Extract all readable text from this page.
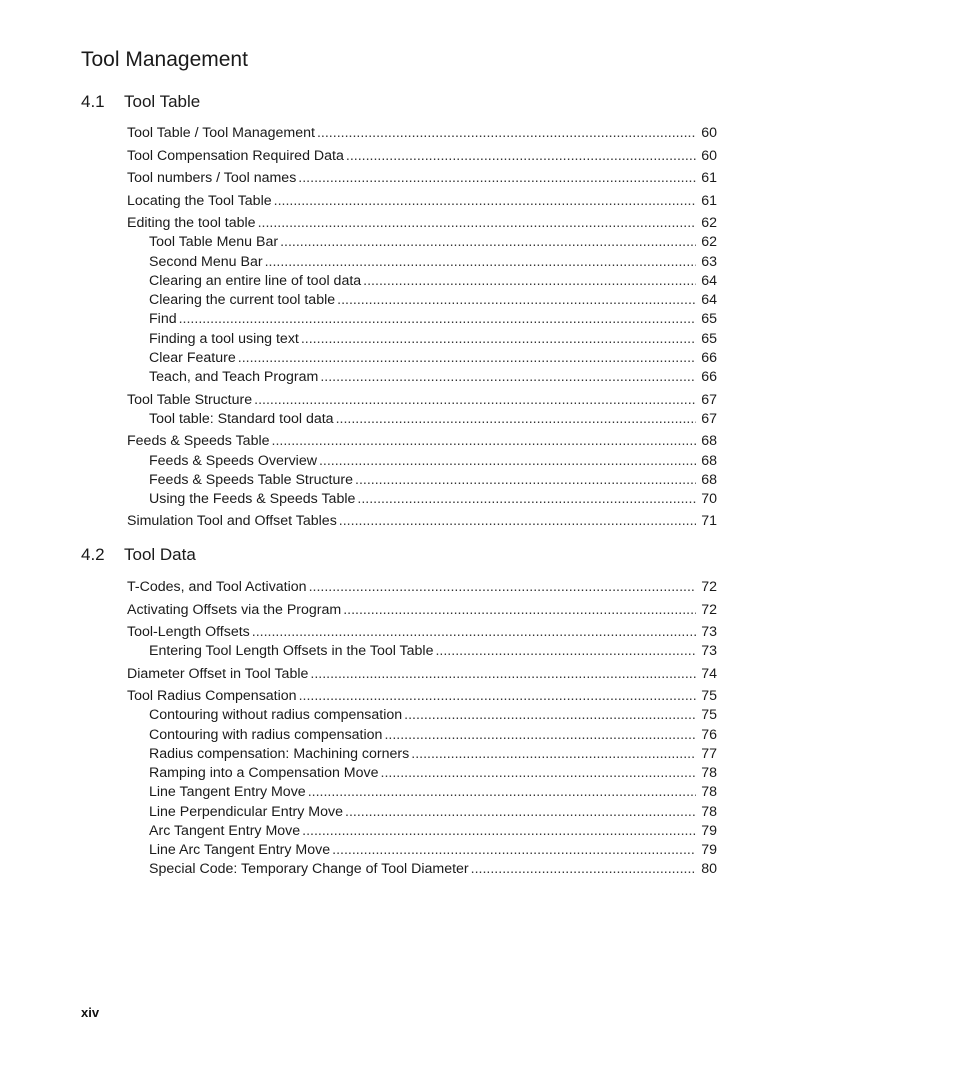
Tool Management
4.1	Tool Table
Tool Table / Tool Management .....	60
Tool Compensation Required Data .....	60
Tool numbers / Tool names .....	61
Locating the Tool Table .....	61
Editing the tool table .....	62
Tool Table Menu Bar .....	62
Second Menu Bar .....	63
Clearing an entire line of tool data .....	64
Clearing the current tool table .....	64
Find .....	65
Finding a tool using text .....	65
Clear Feature .....	66
Teach, and Teach Program .....	66
Tool Table Structure .....	67
Tool table: Standard tool data .....	67
Feeds & Speeds Table .....	68
Feeds & Speeds Overview .....	68
Feeds & Speeds Table Structure .....	68
Using the Feeds & Speeds Table .....	70
Simulation Tool and Offset Tables .....	71
4.2	Tool Data
T-Codes, and Tool Activation .....	72
Activating Offsets via the Program .....	72
Tool-Length Offsets .....	73
Entering Tool Length Offsets in the Tool Table .....	73
Diameter Offset in Tool Table .....	74
Tool Radius Compensation .....	75
Contouring without radius compensation .....	75
Contouring with radius compensation .....	76
Radius compensation: Machining corners .....	77
Ramping into a Compensation Move .....	78
Line Tangent Entry Move .....	78
Line Perpendicular Entry Move .....	78
Arc Tangent Entry Move .....	79
Line Arc Tangent Entry Move .....	79
Special Code: Temporary Change of Tool Diameter .....	80
xiv
